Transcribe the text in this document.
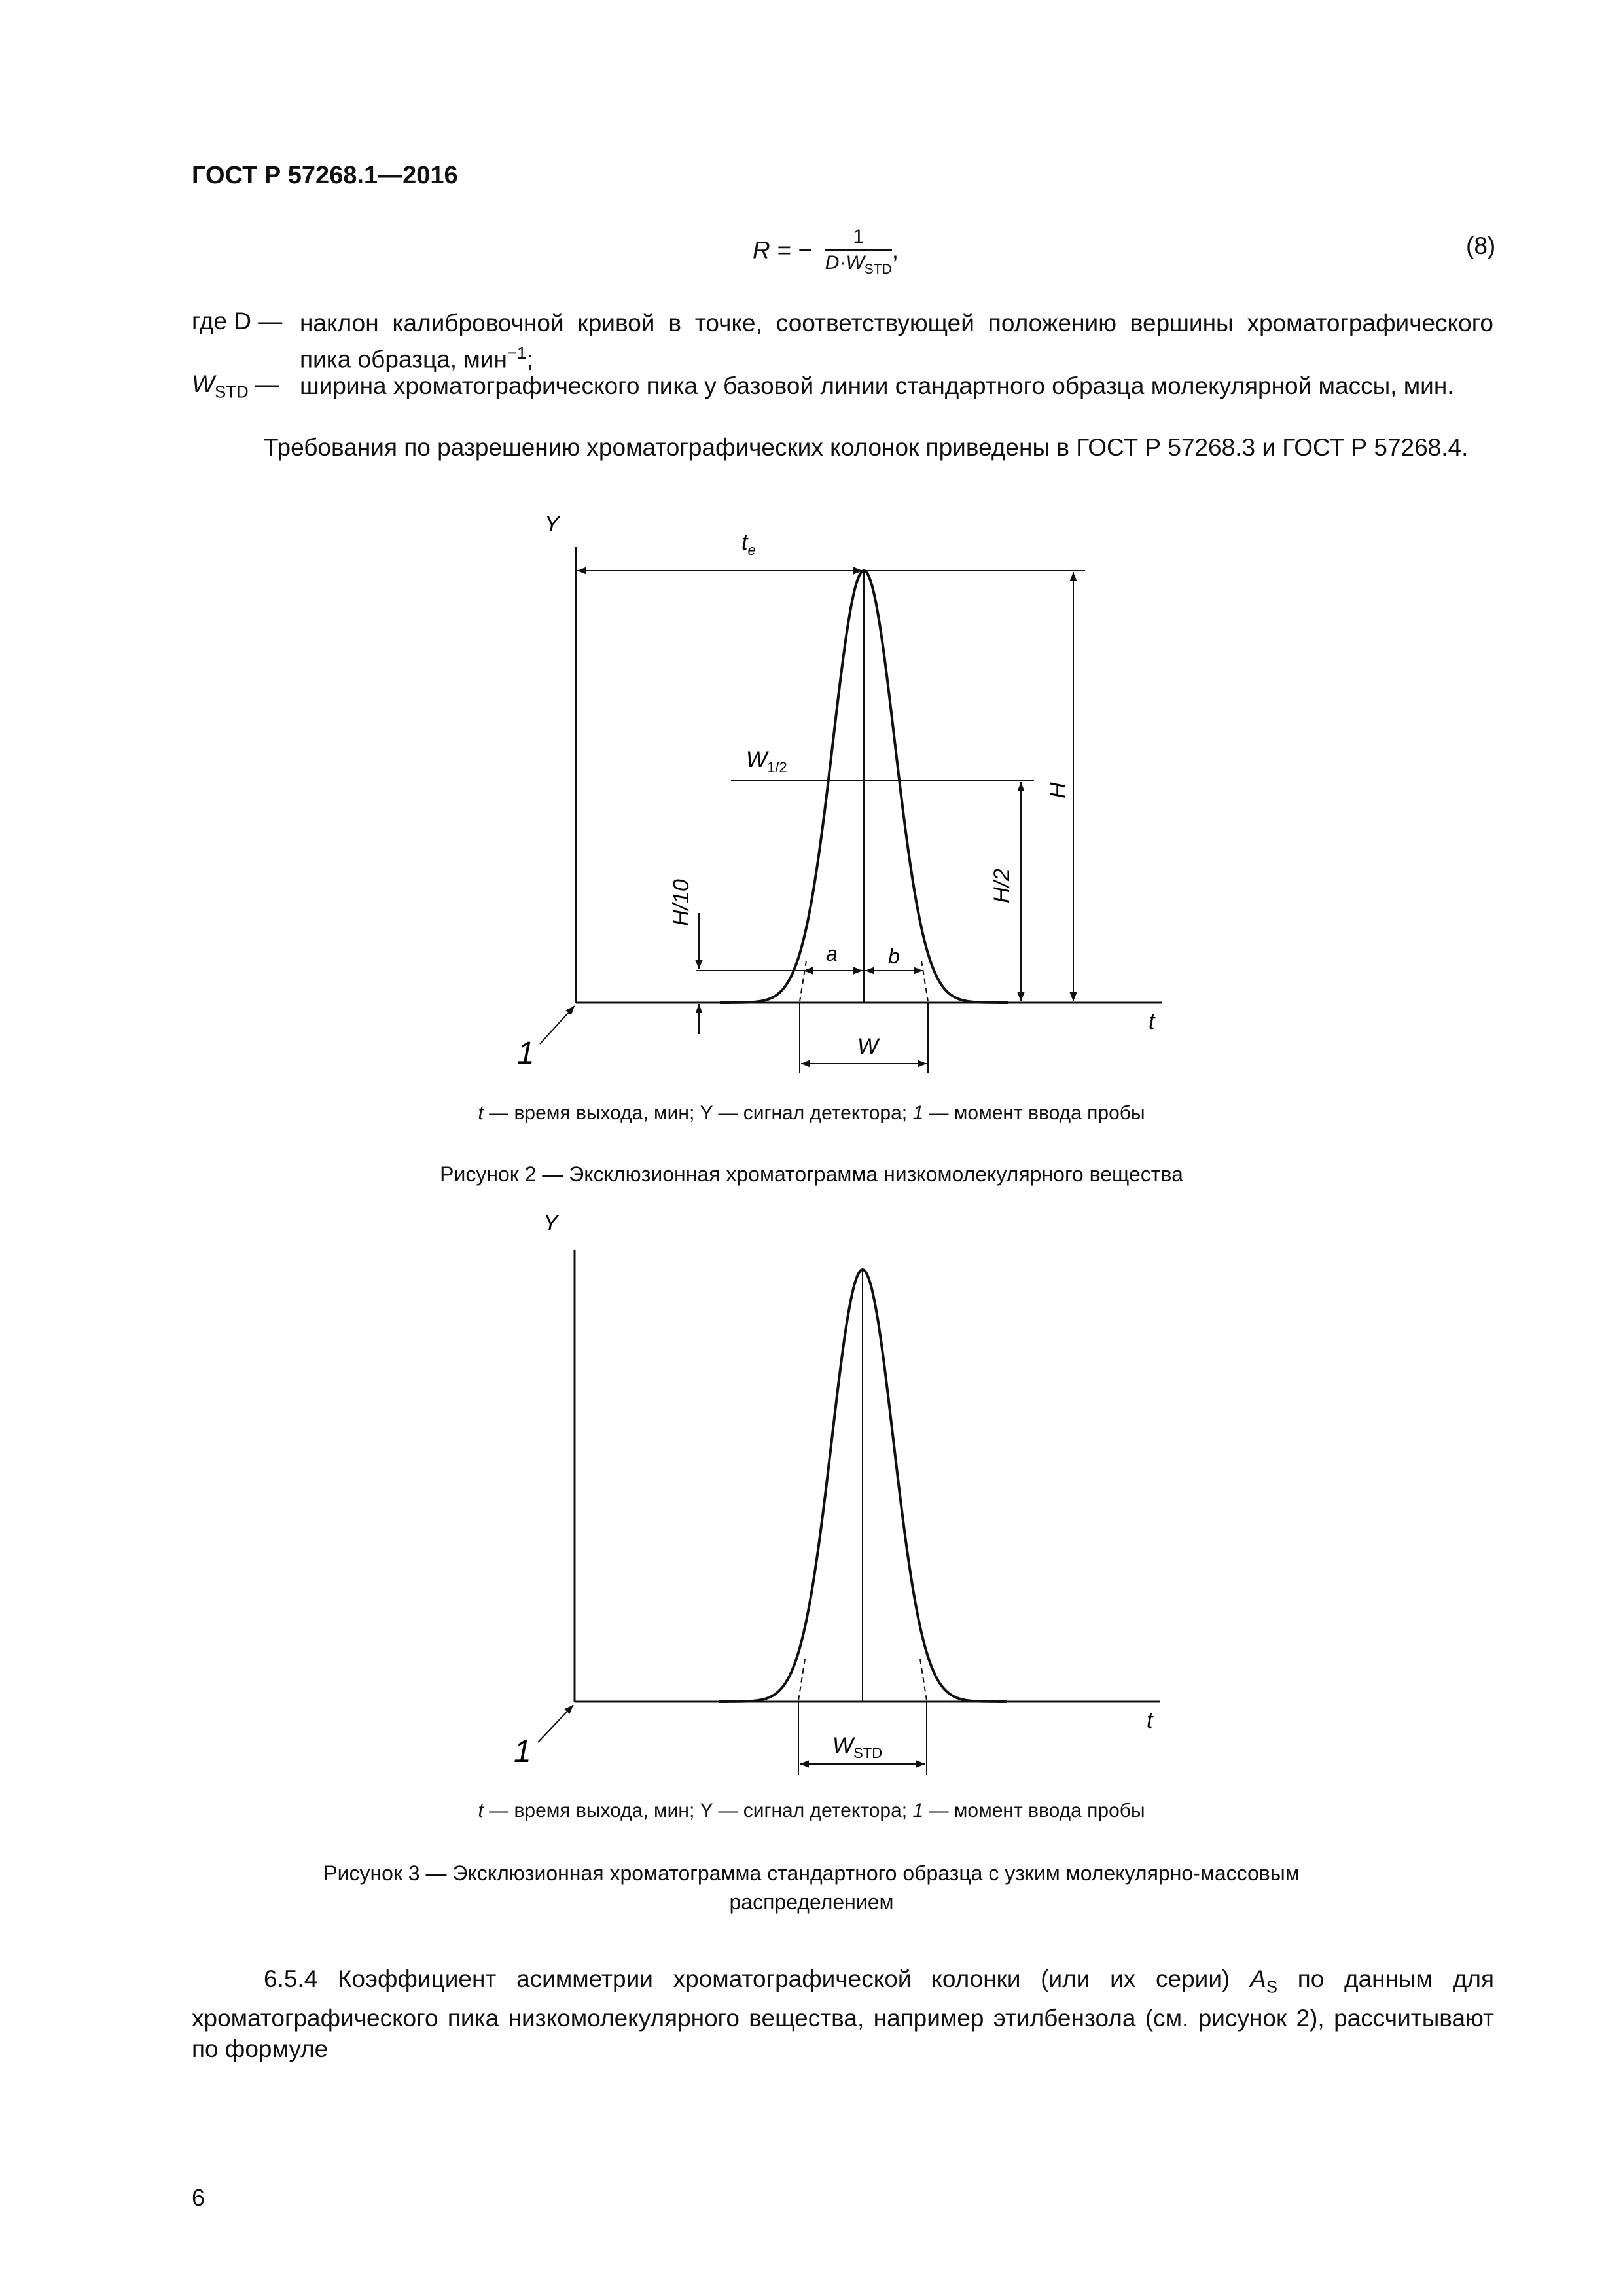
ГОСТ Р 57268.1—2016
R = − $\frac{1}{D\cdot W_{STD}}$ ,	(8)
где D — наклон калибровочной кривой в точке, соответствующей положению вершины хроматографического пика образца, мин$^{-1}$;
$W_{STD}$ — ширина хроматографического пика у базовой линии стандартного образца молекулярной массы, мин.
Требования по разрешению хроматографических колонок приведены в ГОСТ Р 57268.3 и ГОСТ Р 57268.4.
Y
t
$t_e$
$W_{1/2}$
H
H/2
H/10
a b
W
1
t — время выхода, мин; Y — сигнал детектора; 1 — момент ввода пробы
Рисунок 2 — Эксклюзионная хроматограмма низкомолекулярного вещества
Y
t
$W_{STD}$
1
t — время выхода, мин; Y — сигнал детектора; 1 — момент ввода пробы
Рисунок 3 — Эксклюзионная хроматограмма стандартного образца с узким молекулярно-массовым
распределением
6.5.4 Коэффициент асимметрии хроматографической колонки (или их серии) $A_S$ по данным для хроматографического пика низкомолекулярного вещества, например этилбензола (см. рисунок 2), рассчитывают по формуле
6
